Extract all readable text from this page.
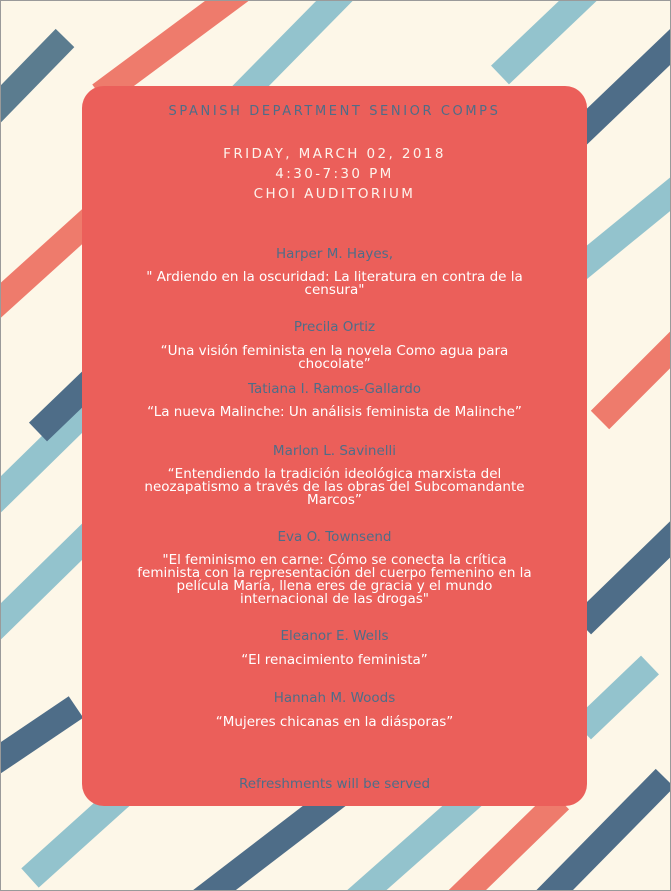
SPANISH DEPARTMENT SENIOR COMPS
FRIDAY, MARCH 02, 2018
4:30-7:30 PM
CHOI AUDITORIUM
Harper M. Hayes,
" Ardiendo en la oscuridad: La literatura en contra de la censura"
Precila Ortiz
“Una visión feminista en la novela Como agua para chocolate”
Tatiana I. Ramos-Gallardo
“La nueva Malinche: Un análisis feminista de Malinche”
Marlon L. Savinelli
“Entendiendo la tradición ideológica marxista del neozapatismo a través de las obras del Subcomandante Marcos”
Eva O. Townsend
"El feminismo en carne: Cómo se conecta la crítica feminista con la representación del cuerpo femenino en la película María, llena eres de gracia y el mundo internacional de las drogas"
Eleanor E. Wells
“El renacimiento feminista”
Hannah M. Woods
“Mujeres chicanas en la diásporas”
Refreshments will be served
